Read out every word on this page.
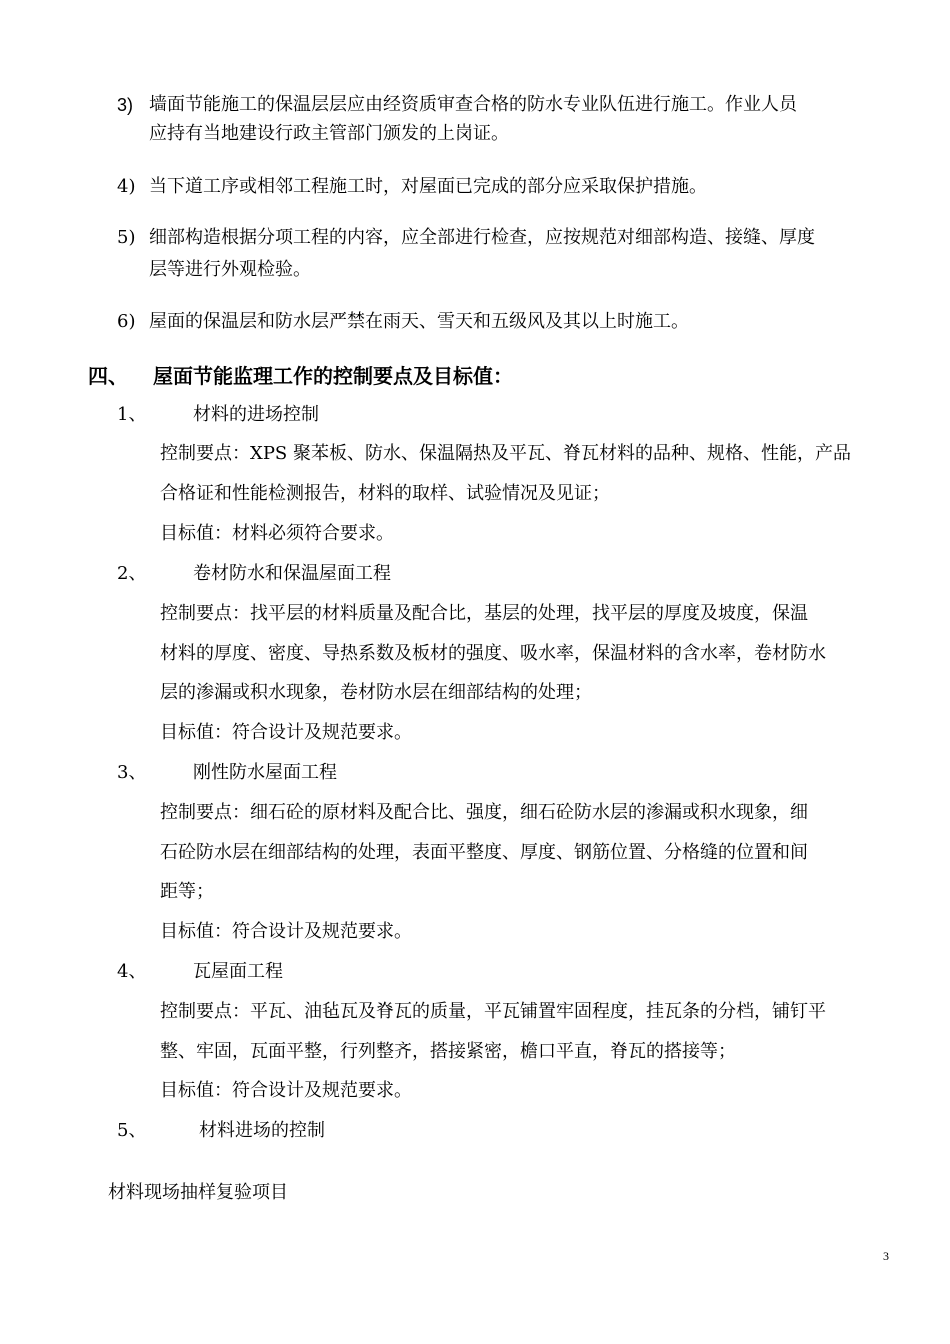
3) 墙面节能施工的保温层层应由经资质审查合格的防水专业队伍进行施工。作业人员
应持有当地建设行政主管部门颁发的上岗证。
4) 当下道工序或相邻工程施工时，对屋面已完成的部分应采取保护措施。
5) 细部构造根据分项工程的内容，应全部进行检查，应按规范对细部构造、接缝、厚度
层等进行外观检验。
6) 屋面的保温层和防水层严禁在雨天、雪天和五级风及其以上时施工。
四、 屋面节能监理工作的控制要点及目标值：
1、	材料的进场控制
控制要点：XPS 聚苯板、防水、保温隔热及平瓦、脊瓦材料的品种、规格、性能，产品
合格证和性能检测报告，材料的取样、试验情况及见证；
目标值：材料必须符合要求。
2、	卷材防水和保温屋面工程
控制要点：找平层的材料质量及配合比，基层的处理，找平层的厚度及坡度，保温
材料的厚度、密度、导热系数及板材的强度、吸水率，保温材料的含水率，卷材防水
层的渗漏或积水现象，卷材防水层在细部结构的处理；
目标值：符合设计及规范要求。
3、	刚性防水屋面工程
控制要点：细石砼的原材料及配合比、强度，细石砼防水层的渗漏或积水现象，细
石砼防水层在细部结构的处理，表面平整度、厚度、钢筋位置、分格缝的位置和间
距等；
目标值：符合设计及规范要求。
4、	瓦屋面工程
控制要点：平瓦、油毡瓦及脊瓦的质量，平瓦铺置牢固程度，挂瓦条的分档，铺钉平
整、牢固，瓦面平整，行列整齐，搭接紧密，檐口平直，脊瓦的搭接等；
目标值：符合设计及规范要求。
5、	材料进场的控制
材料现场抽样复验项目
3
